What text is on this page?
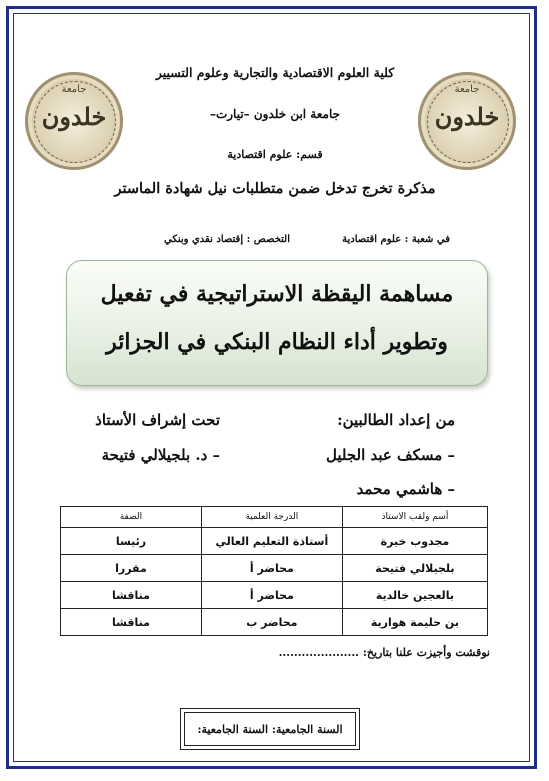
جامعة
خلدون
جامعة
خلدون
كلية العلوم الاقتصادية والتجارية وعلوم التسيير
جامعة ابن خلدون –تيارت–
قسم: علوم اقتصادية
مذكرة تخرج تدخل ضمن متطلبات نيل شهادة الماستر
في شعبة : علوم اقتصادية
التخصص : إقتصاد نقدي وبنكي
مساهمة اليقظة الاستراتيجية في تفعيل
وتطوير أداء النظام البنكي في الجزائر
من إعداد الطالبين:
تحت إشراف الأستاذ
– مسكف عبد الجليل
– هاشمي محمد
– د. بلجيلالي فتيحة
أسم ولقب الاستاذ	الدرجة العلمية	الصفة
مجدوب خيرة	أستاذة التعليم العالي	رئيسا
بلجيلالي فتيحة	محاضر أ	مقررا
بالعجين خالدية	محاضر أ	مناقشا
بن حليمة هوارية	محاضر ب	مناقشا
نوقشت وأجيزت علنا بتاريخ: .....................
السنة الجامعية: السنة الجامعية:
